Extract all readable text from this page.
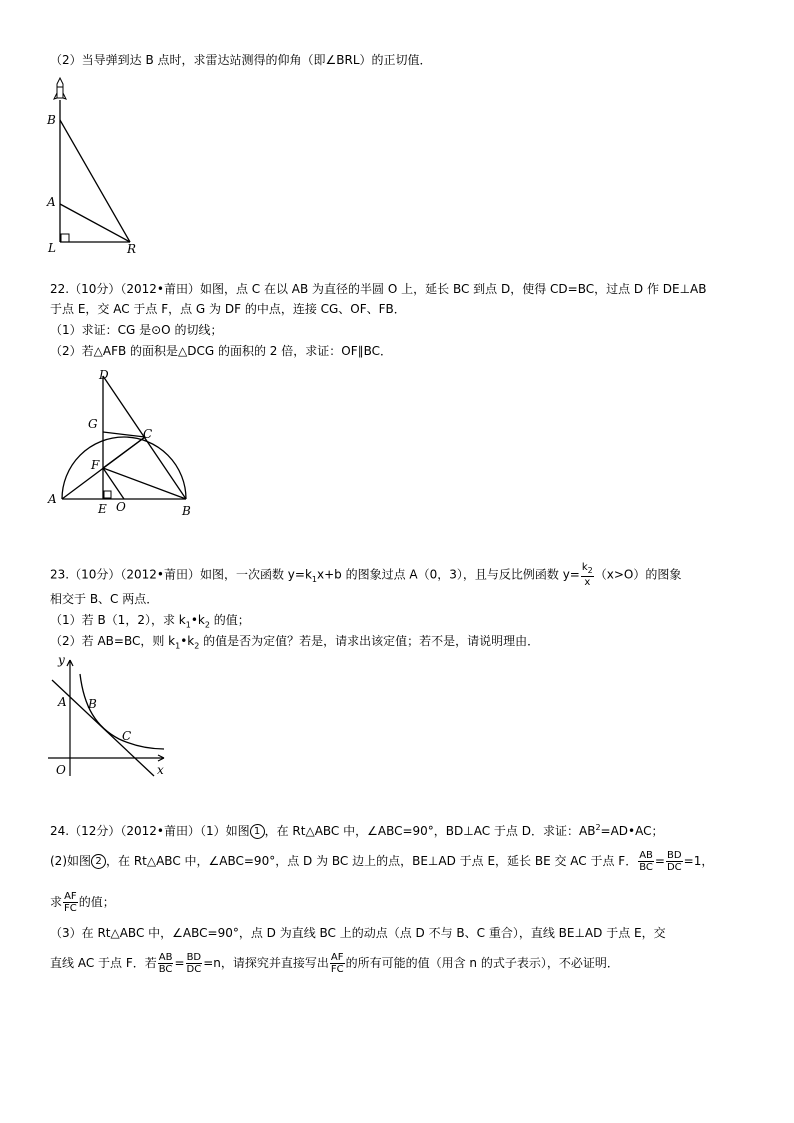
（2）当导弹到达 B 点时，求雷达站测得的仰角（即∠BRL）的正切值．
B
A
L	R
22.（10分）（2012•莆田）如图，点 C 在以 AB 为直径的半圆 O 上，延长 BC 到点 D，使得 CD=BC，过点 D 作 DE⊥AB
于点 E，交 AC 于点 F，点 G 为 DF 的中点，连接 CG、OF、FB．
（1）求证：CG 是⊙O 的切线；
（2）若△AFB 的面积是△DCG 的面积的 2 倍，求证：OF∥BC．
D
G
C
F
A
E O	B
23.（10分）（2012•莆田）如图，一次函数 $y=k_1x+b$ 的图象过点 A（0，3），且与反比例函数 $y= \frac{k_2}{x} (x>O)$的图象
相交于 B、C 两点．
（1）若 B（1，2），求 $k_1•k_2$ 的值；
（2）若 AB=BC，则 $k_1•k_2$ 的值是否为定值？若是，请求出该定值；若不是，请说明理由．
y
x
O
A B
C
24.（12分）（2012•莆田）（1）如图 1 ，在 Rt△ABC 中，∠ABC=90°，BD⊥AC 于点 D．求证：$AB^2=AD•AC$；
(2)如图 2 ，在 Rt△ABC 中，∠ABC=90°，点 D 为 BC 边上的点，BE⊥AD 于点 E，延长 BE 交 AC 于点 F． $\frac{AB}{BC} = \frac{BD}{DC} =1$，
求 $\frac{AF}{FC}$ 的值；
（3）在 Rt△ABC 中，∠ABC=90°，点 D 为直线 BC 上的动点（点 D 不与 B、C 重合），直线 BE⊥AD 于点 E，交
直线 AC 于点 F．若 $\frac{AB}{BC} = \frac{BD}{DC} =n$，请探究并直接写出 $\frac{AF}{FC}$ 的所有可能的值（用含 n 的式子表示），不必证明．
